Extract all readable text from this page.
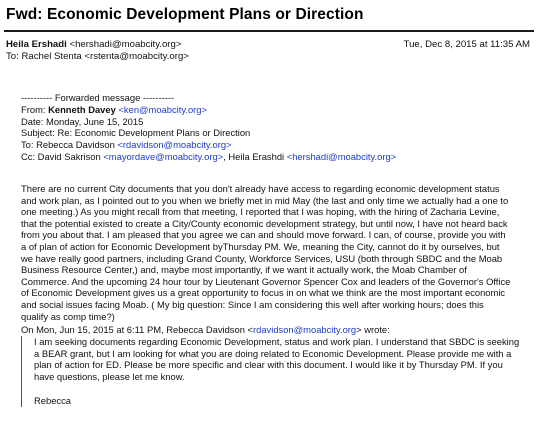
Fwd: Economic Development Plans or Direction
Heila Ershadi <hershadi@moabcity.org>	Tue, Dec 8, 2015 at 11:35 AM
To: Rachel Stenta <rstenta@moabcity.org>
---------- Forwarded message ----------
From: Kenneth Davey <ken@moabcity.org>
Date: Monday, June 15, 2015
Subject: Re: Economic Development Plans or Direction
To: Rebecca Davidson <rdavidson@moabcity.org>
Cc: David Sakrison <mayordave@moabcity.org>, Heila Erashdi <hershadi@moabcity.org>
There are no current City documents that you don't already have access to regarding economic development status and work plan, as I pointed out to you when we briefly met in mid May (the last and only time we actually had a one to one meeting.) As you might recall from that meeting, I reported that I was hoping, with the hiring of Zacharia Levine, that the potential existed to create a City/County economic development strategy, but until now, I have not heard back from you about that. I am pleased that you agree we can and should move forward. I can, of course, provide you with a of plan of action for Economic Development byThursday PM. We, meaning the City, cannot do it by ourselves, but we have really good partners, including Grand County, Workforce Services, USU (both through SBDC and the Moab Business Resource Center,) and, maybe most importantly, if we want it actually work, the Moab Chamber of Commerce. And the upcoming 24 hour tour by Lieutenant Governor Spencer Cox and leaders of the Governor's Office of Economic Development gives us a great opportunity to focus in on what we think are the most important economic and social issues facing Moab. ( My big question: Since I am considering this well after working hours; does this qualify as comp time?)
On Mon, Jun 15, 2015 at 6:11 PM, Rebecca Davidson <rdavidson@moabcity.org> wrote:
I am seeking documents regarding Economic Development, status and work plan. I understand that SBDC is seeking a BEAR grant, but I am looking for what you are doing related to Economic Development. Please provide me with a plan of action for ED. Please be more specific and clear with this document. I would like it by Thursday PM. If you have questions, please let me know.
Rebecca
